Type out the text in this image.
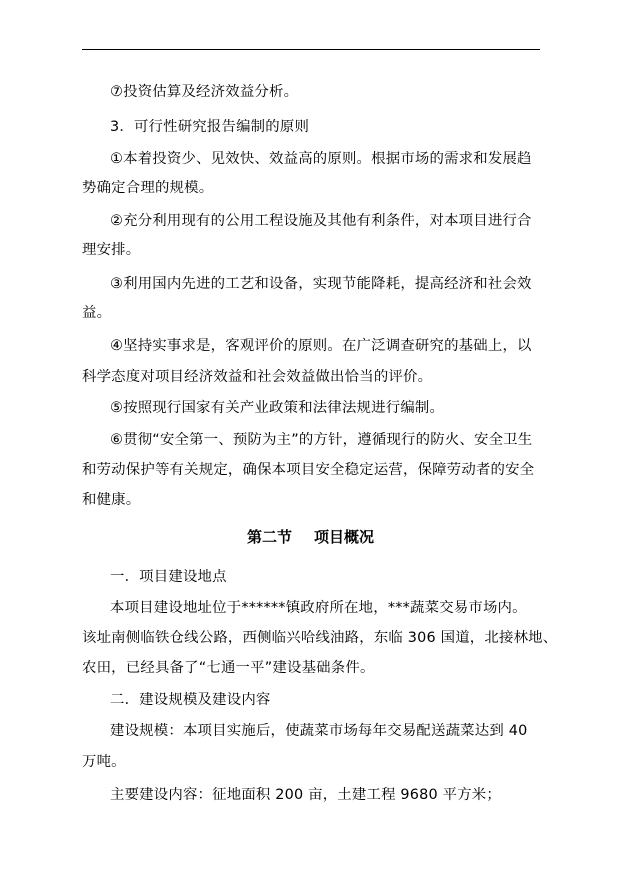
⑦投资估算及经济效益分析。
3．可行性研究报告编制的原则
①本着投资少、见效快、效益高的原则。根据市场的需求和发展趋
势确定合理的规模。
②充分利用现有的公用工程设施及其他有利条件，对本项目进行合
理安排。
③利用国内先进的工艺和设备，实现节能降耗，提高经济和社会效
益。
④坚持实事求是，客观评价的原则。在广泛调查研究的基础上，以
科学态度对项目经济效益和社会效益做出恰当的评价。
⑤按照现行国家有关产业政策和法律法规进行编制。
⑥贯彻“安全第一、预防为主”的方针，遵循现行的防火、安全卫生
和劳动保护等有关规定，确保本项目安全稳定运营，保障劳动者的安全
和健康。
第二节 项目概况
一．项目建设地点
本项目建设地址位于******镇政府所在地，***蔬菜交易市场内。
该址南侧临铁仓线公路，西侧临兴哈线油路，东临 306 国道，北接林地、
农田，已经具备了“七通一平”建设基础条件。
二．建设规模及建设内容
建设规模：本项目实施后，使蔬菜市场每年交易配送蔬菜达到 40
万吨。
主要建设内容：征地面积 200 亩，土建工程 9680 平方米；
